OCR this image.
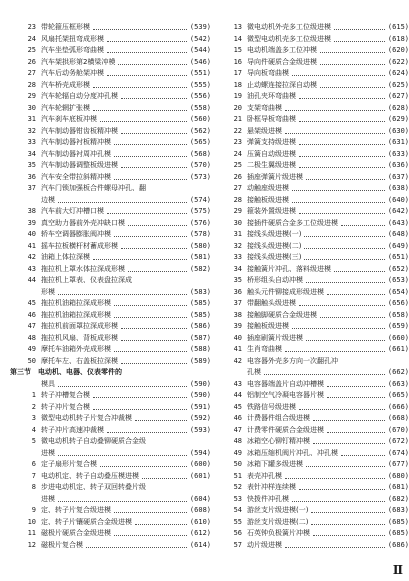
23 带轮箍压框形模	(539)
24 风扇托架扭弯成形模	(542)
25 汽车坐垫弧形弯曲模	(544)
26 汽车架拱形第2横梁冲模	(546)
27 汽车后动务舱架冲模	(551)
28 汽车桥壳成形模	(555)
29 汽车轮辐自动分度冲孔模	(556)
30 汽车轮辋扩张模	(558)
31 汽车刹车底板冲模	(560)
32 汽车制动器钳齿板精冲模	(562)
33 汽车制动器衬板精冲模	(565)
34 汽车制动器衬周冲孔模	(568)
35 汽车制动器调整板级进模	(570)
36 汽车安全带拉斜精冲模	(573)
37 汽车门锁加强板合件螺母冲孔、翻
边模	(574)
38 汽车前大灯冲槽口模	(575)
39 真空助力器前外壳冲缺口模	(576)
40 轿车空调器膨胀阀冲模	(578)
41 摇车拉板横杆材蓄成形模	(580)
42 油箱上体拉深模	(581)
43 拖拉机上罩水体拉深成形模	(582)
44 拖拉机上罩表、仪表盘拉深成
形模	(583)
45 拖拉机油箱拉深成形模	(585)
46 拖拉机油箱拉深成形模	(585)
47 拖拉机前面罩拉深成形模	(586)
48 拖拉机风扇、背板成形模	(587)
49 摩托车油箱外壳成形模	(588)
50 摩托车左、右盖板拉深模	(589)
第三节　电动机、电器、仪表零件的
模具	(590)
1 转子冲槽复合模	(590)
2 转子冲片复合模	(591)
3 微型电动机转子片复合冲裁模	(592)
4 转子冲片高速冲裁模	(593)
5 微电动机转子自动叠铆硬质合金级
进模	(594)
6 定子扇形片复合模	(600)
7 电动机定、转子自动叠压模进模	(601)
8 步进电动机定、转子双回转叠片级
进模	(604)
9 定、转子片复合级进模	(608)
10 定、转子片镶硬质合金级进模	(610)
11 磁极片硬质合金级进模	(612)
12 磁极片复合模	(614)
13 微电动机外壳多工位级进模	(615)
14 微型电动机壳多工位级进模	(618)
15 电动机端盖多工位冲模	(620)
16 导向件硬质合金级进模	(622)
17 导向板弯曲模	(624)
18 止动螺连接拉深自动模	(625)
19 油孔夹环弯曲模	(627)
20 支架弯曲模	(628)
21 卧框导板弯曲模	(629)
22 悬架级进模	(630)
23 弹簧支持级进模	(631)
24 压簧自动级进模	(633)
25 二极生翼级进模	(636)
26 插座弹簧片级进模	(637)
27 动触座级进模	(638)
28 接触板级进模	(640)
29 箍装外置级进模	(642)
30 接插件硬质合金多工位级进模	(643)
31 接线头级进模(一)	(648)
32 接线头级进模(二)	(649)
33 接线头级进模(三)	(651)
34 接触簧片冲孔、落料级进模	(652)
35 桥形组头自动冲模	(653)
36 触头元件铆接成形级进模	(654)
37 带翻触头级进模	(656)
38 接触脚硬质合金级进模	(658)
39 接触板级进模	(659)
40 插座刷簧片级进模	(660)
41 生肖弯曲模	(661)
42 电容器外壳多方向一次翻孔冲
孔模	(662)
43 电容器端盖片自动冲槽模	(663)
44 铝制空气冷凝电容器片模	(665)
45 铁路信号级进模	(666)
46 计费器件组合级进模	(668)
47 计费零件硬质合金级进模	(670)
48 冰箱空心铆钉精冲模	(672)
49 冰箱压缩机阀片冲孔、冲孔模	(674)
50 冰箱下罐多级进模	(677)
51 表壳冲孔模	(680)
52 表针冲样连续模	(681)
53 快拨件冲孔模	(682)
54 游丝支片级进模(一)	(683)
55 游丝支片级进模(二)	(685)
56 石英钟负极簧片冲模	(685)
57 动片级进模	(686)
Ⅱ
